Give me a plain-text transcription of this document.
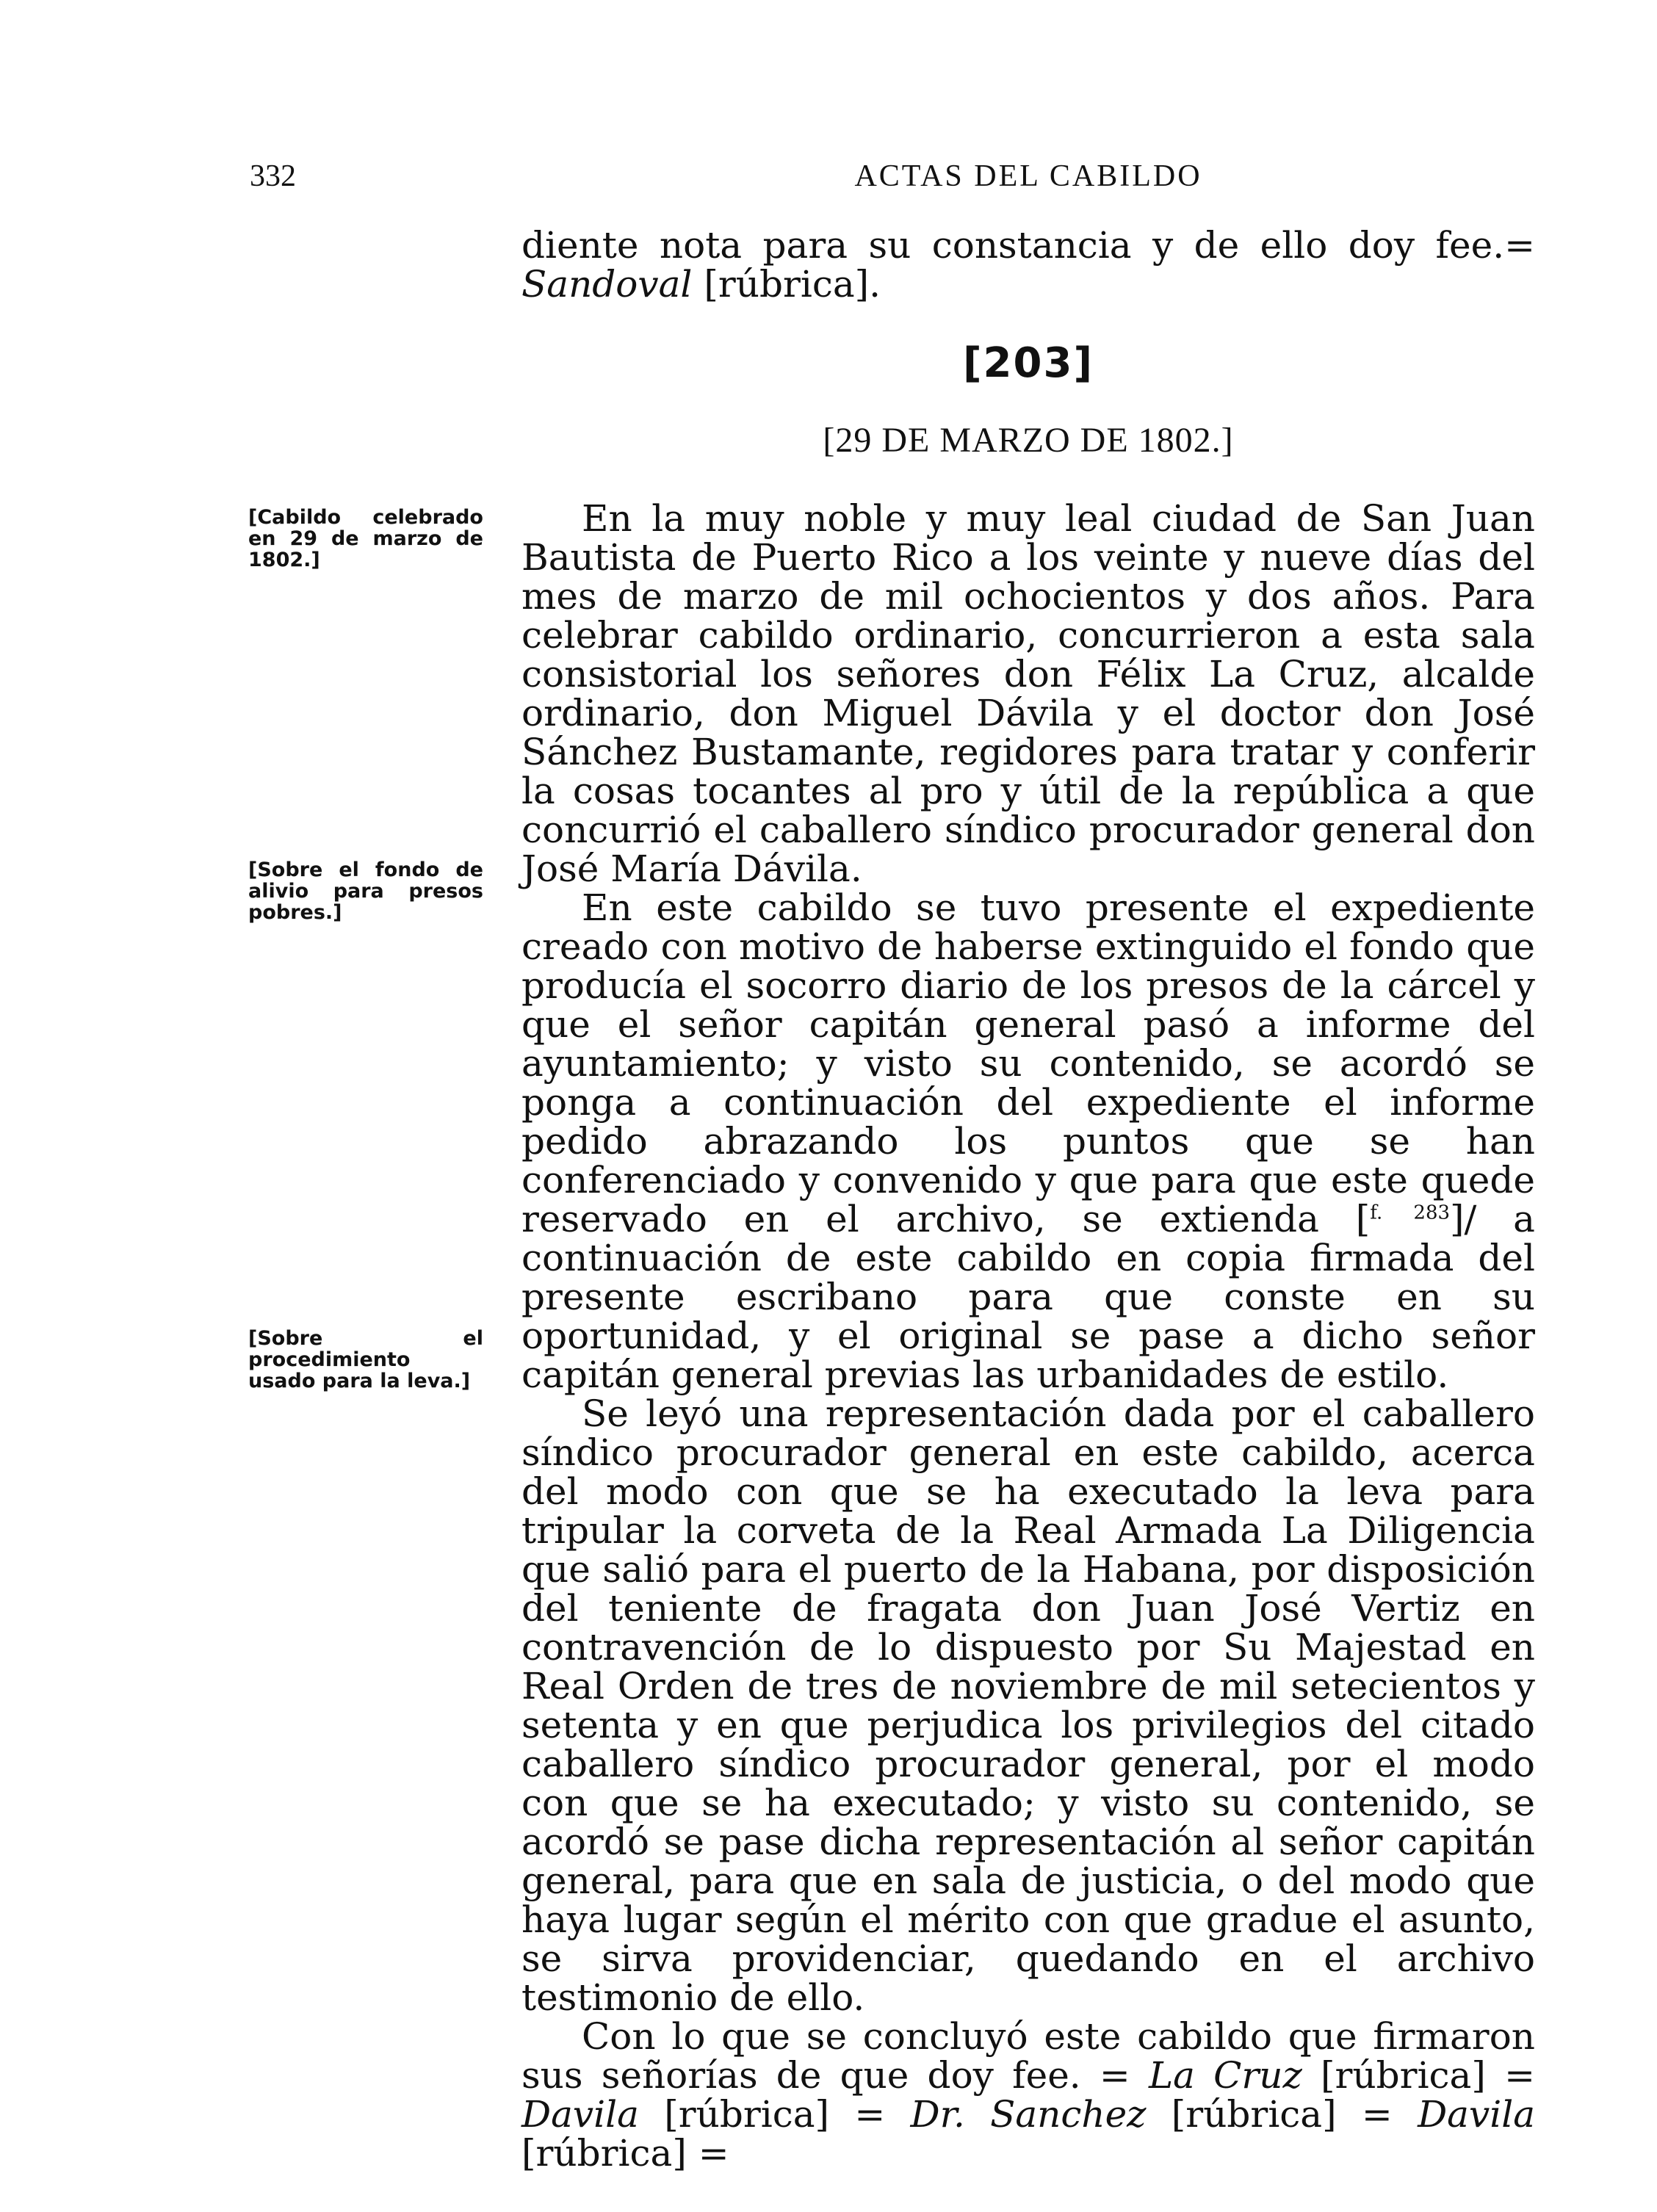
332	ACTAS DEL CABILDO

diente nota para su constancia y de ello doy fee.= Sandoval [rúbrica].

[203]
[29 DE MARZO DE 1802.]
[Cabildo celebrado en 29 de marzo de 1802.]
[Sobre el fondo de alivio para presos pobres.]
[Sobre el procedimiento usado para la leva.]

En la muy noble y muy leal ciudad de San Juan Bautista de Puerto Rico a los veinte y nueve días del mes de marzo de mil ochocientos y dos años. Para celebrar cabildo ordinario, concurrieron a esta sala consistorial los señores don Félix La Cruz, alcalde ordinario, don Miguel Dávila y el doctor don José Sánchez Bustamante, regidores para tratar y conferir la cosas tocantes al pro y útil de la república a que concurrió el caballero síndico procurador general don José María Dávila.

En este cabildo se tuvo presente el expediente creado con motivo de haberse extinguido el fondo que producía el socorro diario de los presos de la cárcel y que el señor capitán general pasó a informe del ayuntamiento; y visto su contenido, se acordó se ponga a continuación del expediente el informe pedido abrazando los puntos que se han conferenciado y convenido y que para que este quede reservado en el archivo, se extienda [$^{f. 283}$]/ a continuación de este cabildo en copia firmada del presente escribano para que conste en su oportunidad, y el original se pase a dicho señor capitán general previas las urbanidades de estilo.

Se leyó una representación dada por el caballero síndico procurador general en este cabildo, acerca del modo con que se ha executado la leva para tripular la corveta de la Real Armada La Diligencia que salió para el puerto de la Habana, por disposición del teniente de fragata don Juan José Vertiz en contravención de lo dispuesto por Su Majestad en Real Orden de tres de noviembre de mil setecientos y setenta y en que perjudica los privilegios del citado caballero síndico procurador general, por el modo con que se ha executado; y visto su contenido, se acordó se pase dicha representación al señor capitán general, para que en sala de justicia, o del modo que haya lugar según el mérito con que gradue el asunto, se sirva providenciar, quedando en el archivo testimonio de ello.

Con lo que se concluyó este cabildo que firmaron sus señorías de que doy fee. = La Cruz [rúbrica] = Davila [rúbrica] = Dr. Sanchez [rúbrica] = Davila [rúbrica] =
